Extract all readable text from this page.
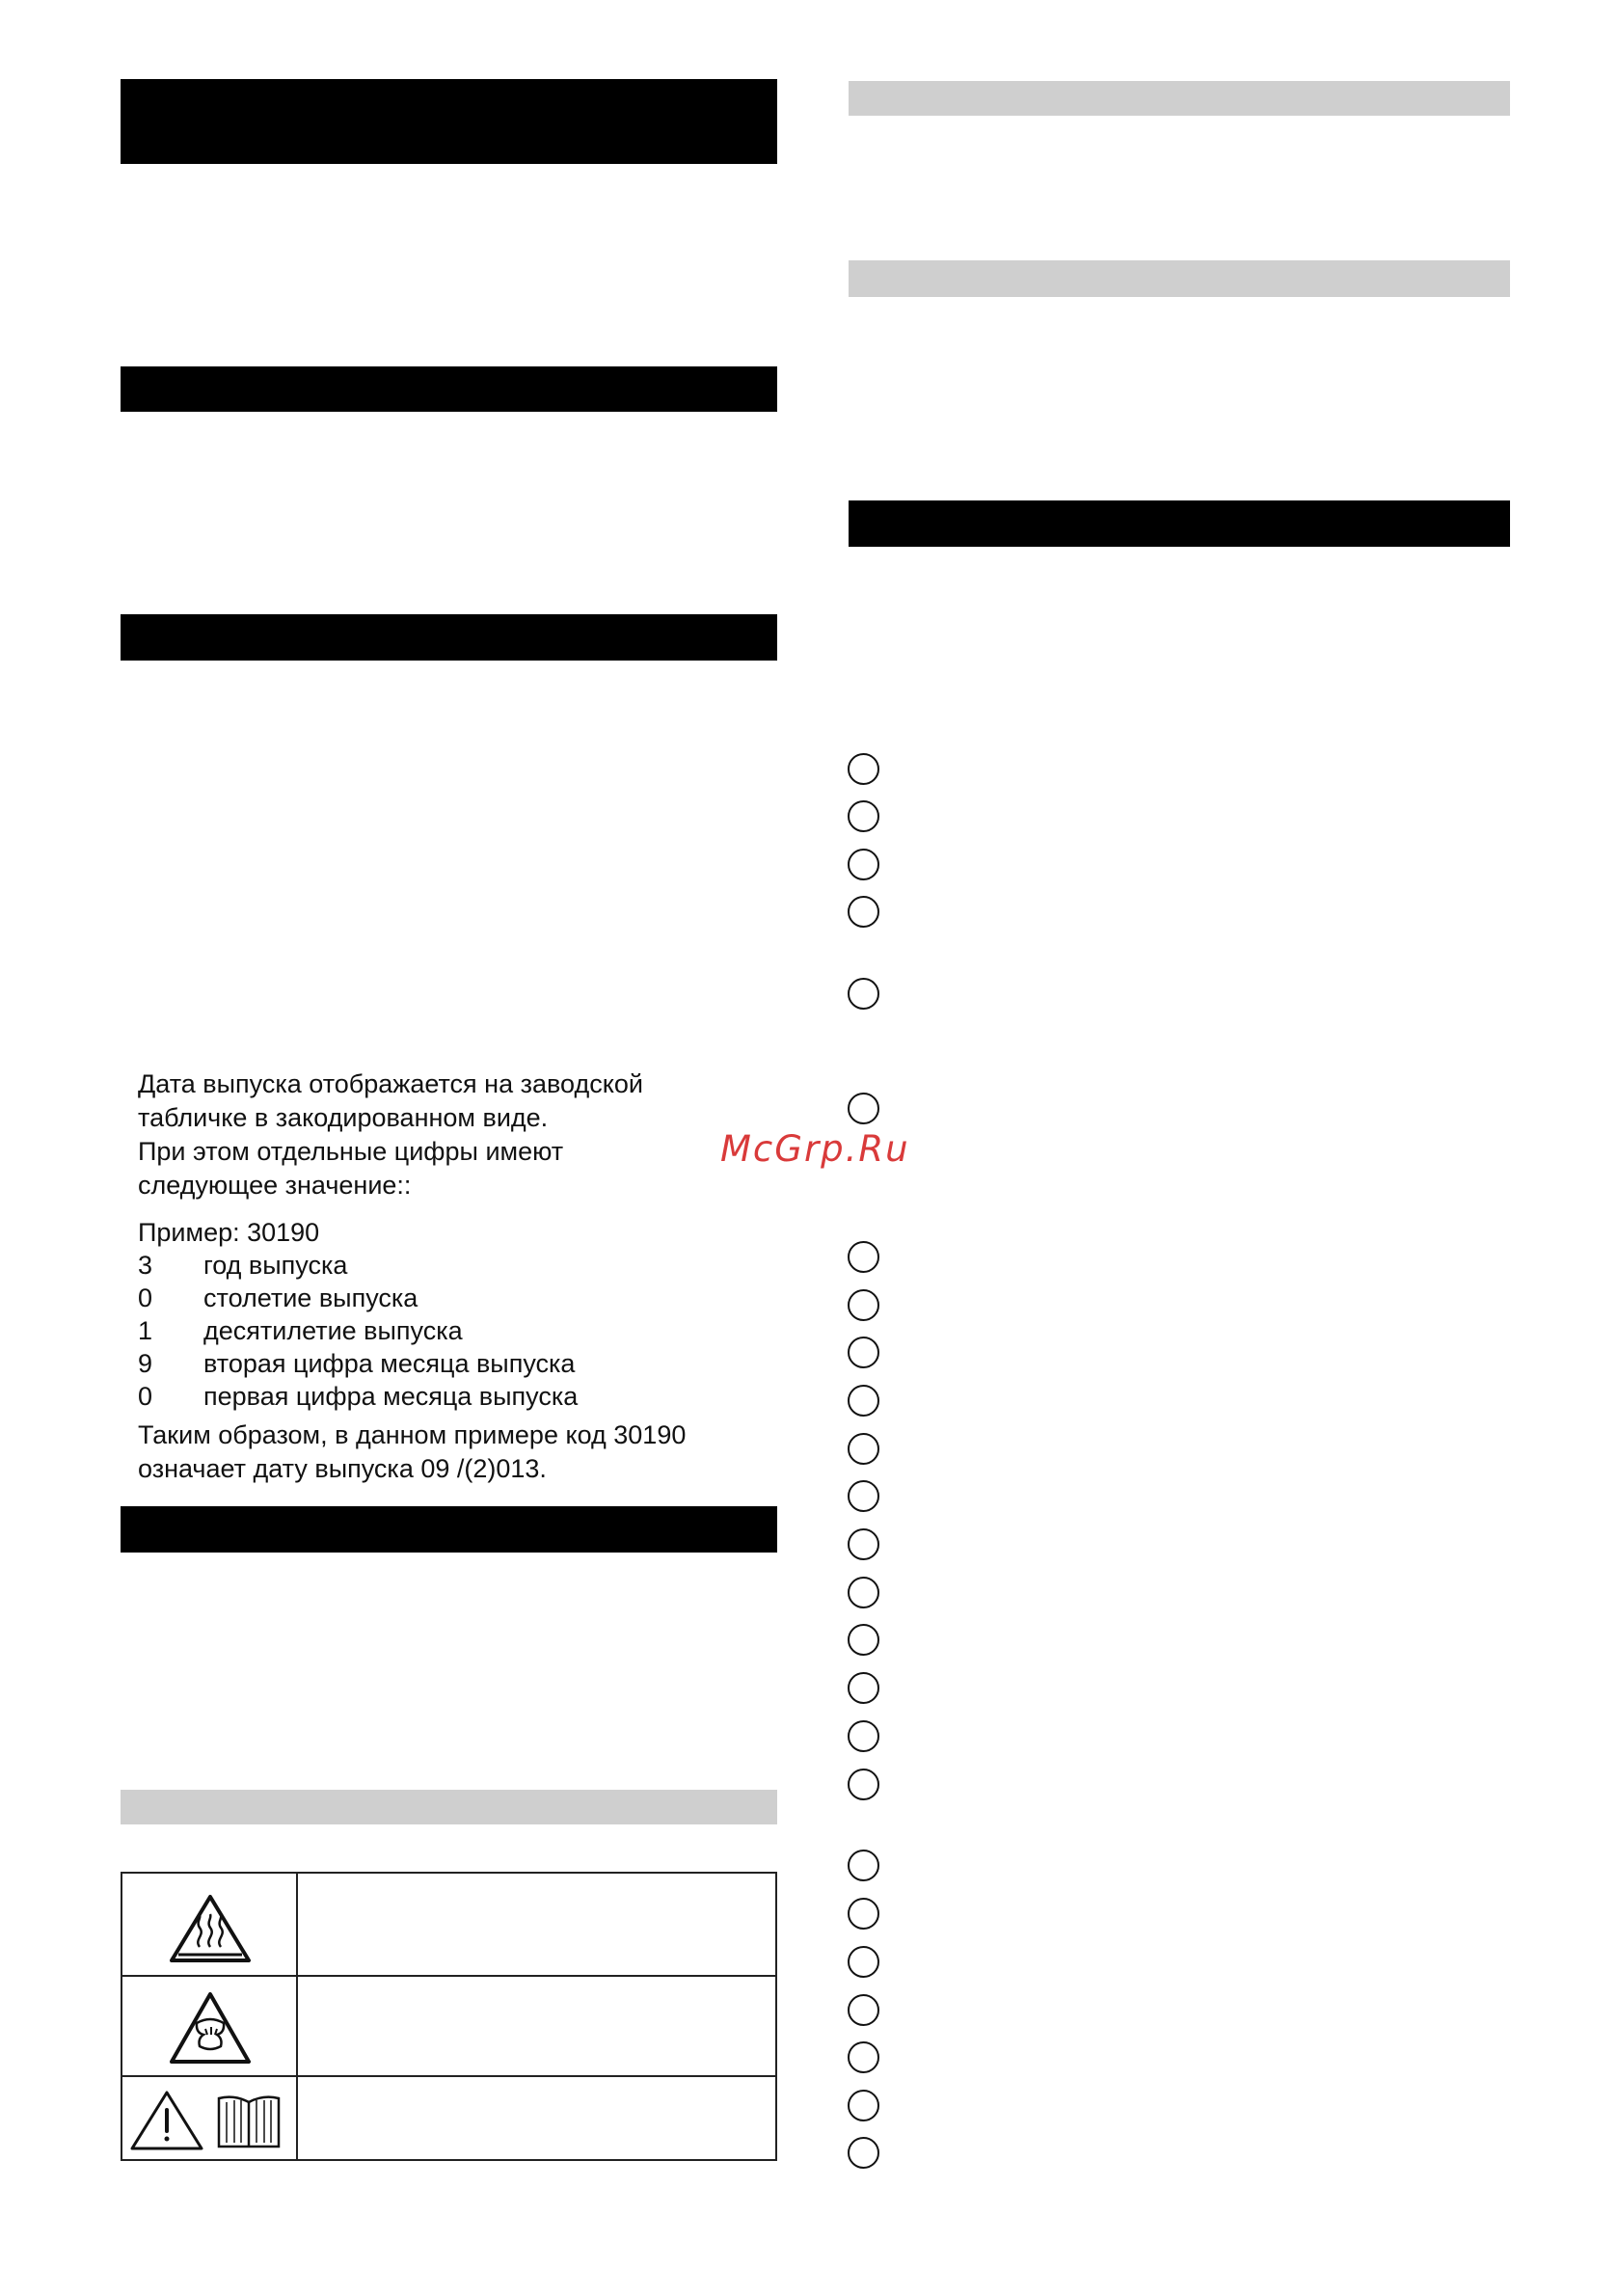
Дата выпуска отображается на заводской

табличке в закодированном виде.

При этом отдельные цифры имеют

следующее значение::

Пример: 30190
3	год выпуска
0	столетие выпуска
1	десятилетие выпуска
9	вторая цифра месяца выпуска
0	первая цифра месяца выпуска
Таким образом, в данном примере код 30190
означает дату выпуска 09 /(2)013.
McGrp.Ru
